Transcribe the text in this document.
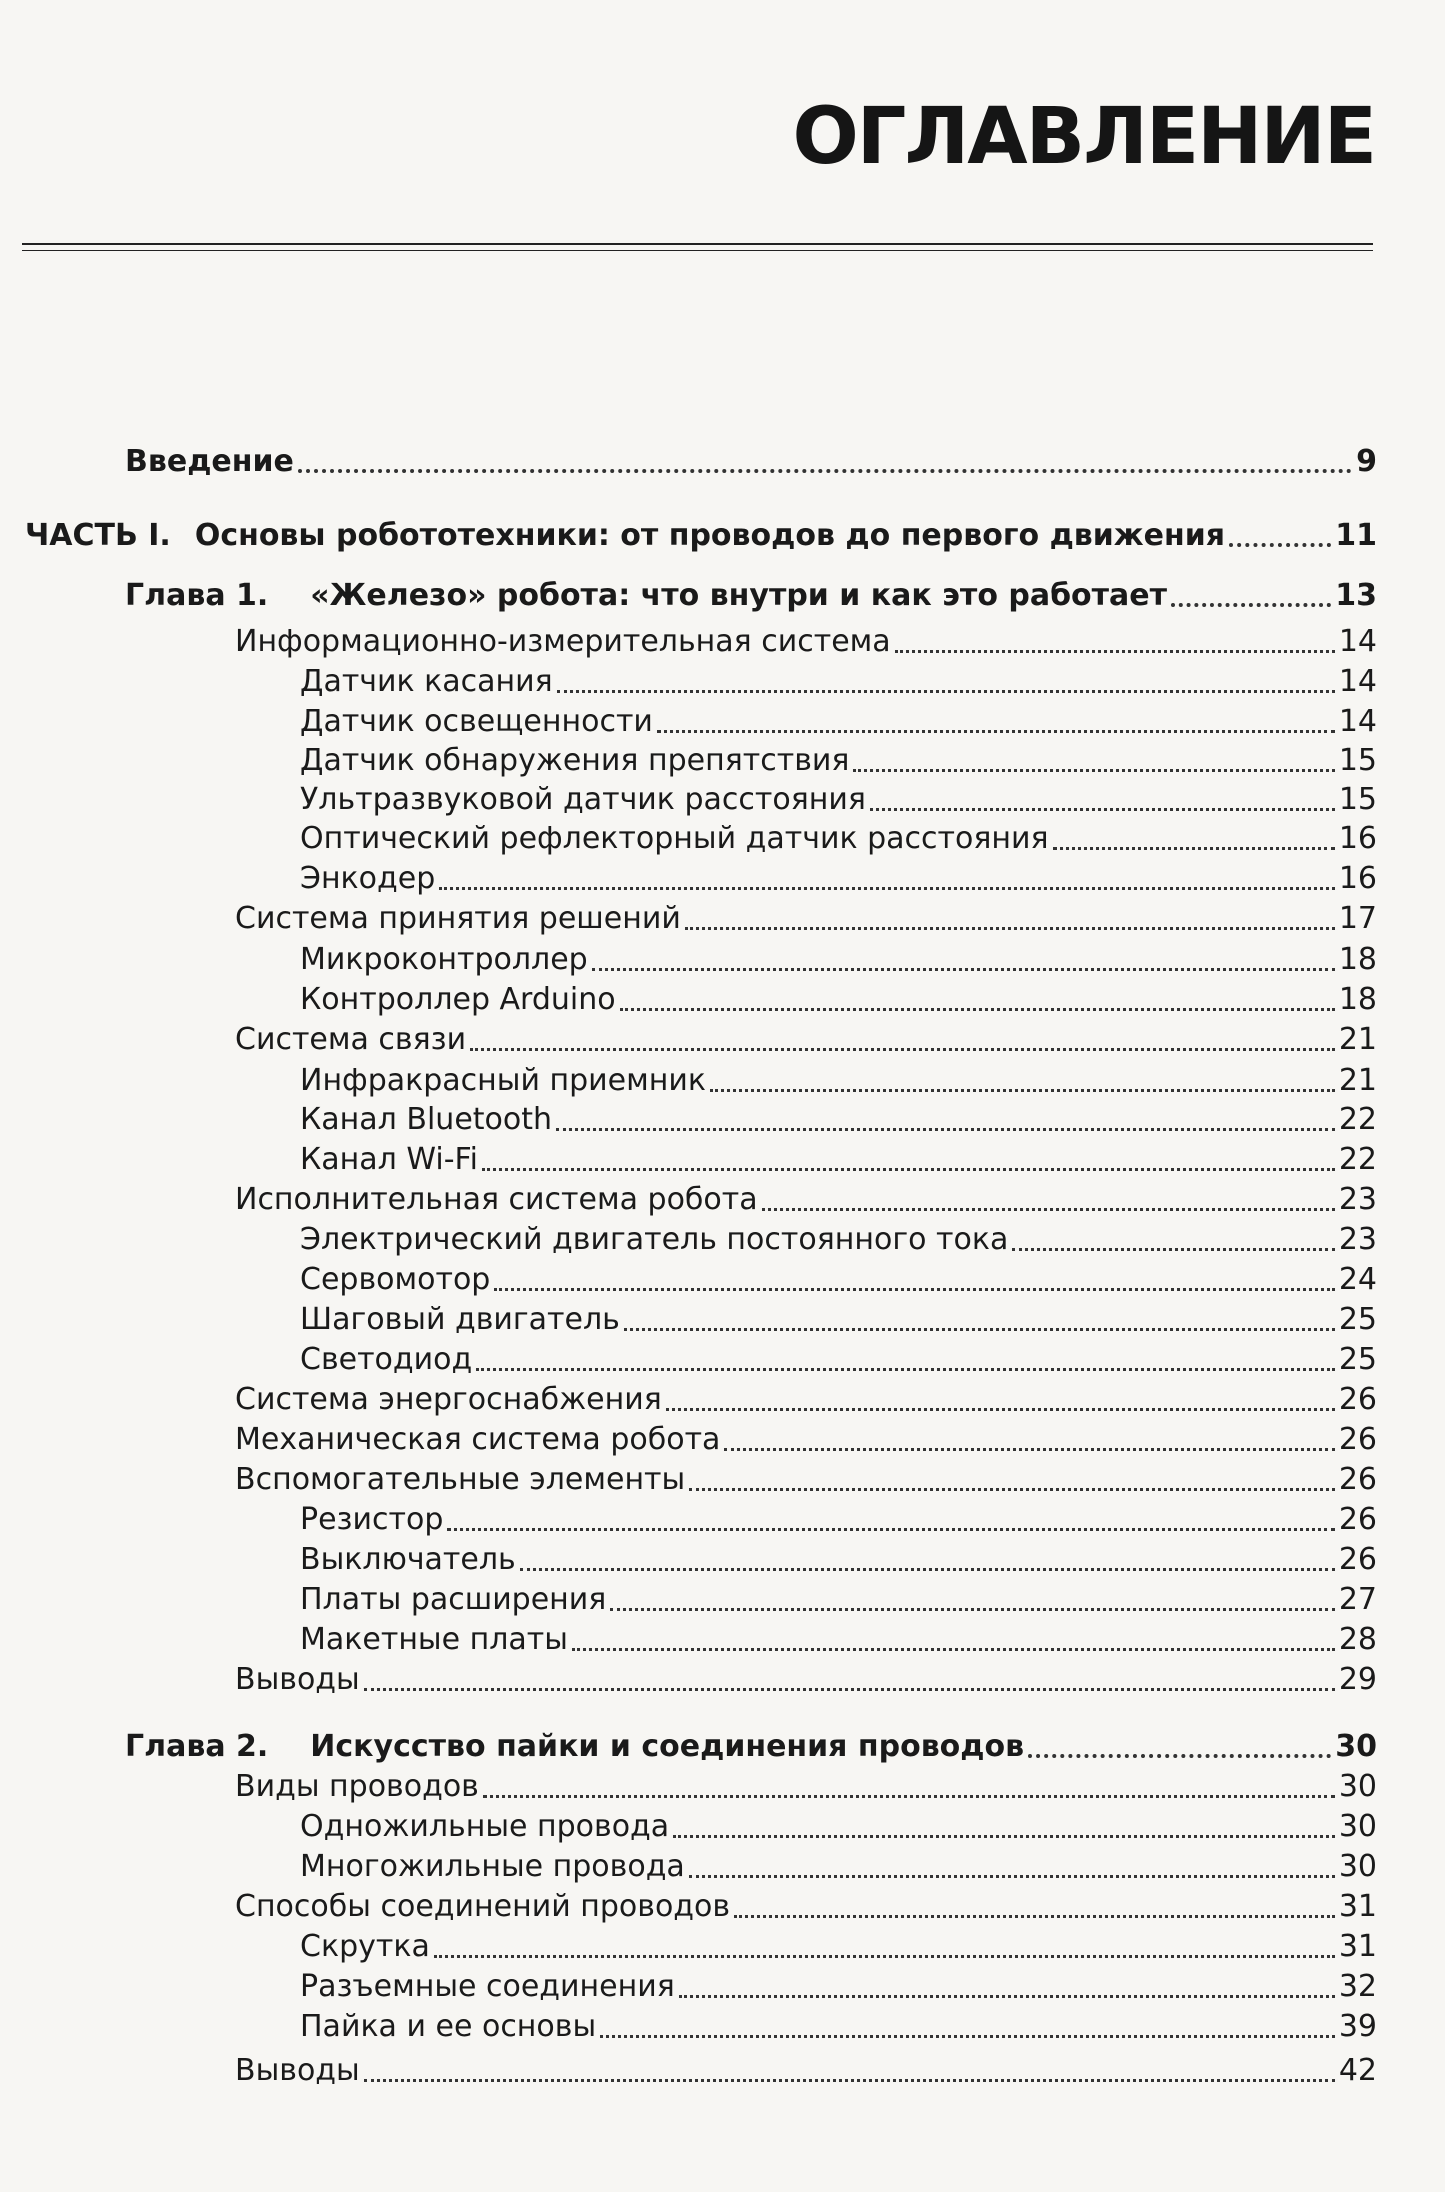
ОГЛАВЛЕНИЕ
Введение	9
ЧАСТЬ I. Основы робототехники: от проводов до первого движения	11
Глава 1. «Железо» робота: что внутри и как это работает	13
Информационно-измерительная система	14
Датчик касания	14
Датчик освещенности	14
Датчик обнаружения препятствия	15
Ультразвуковой датчик расстояния	15
Оптический рефлекторный датчик расстояния	16
Энкодер	16
Система принятия решений	17
Микроконтроллер	18
Контроллер Arduino	18
Система связи	21
Инфракрасный приемник	21
Канал Bluetooth	22
Канал Wi-Fi	22
Исполнительная система робота	23
Электрический двигатель постоянного тока	23
Сервомотор	24
Шаговый двигатель	25
Светодиод	25
Система энергоснабжения	26
Механическая система робота	26
Вспомогательные элементы	26
Резистор	26
Выключатель	26
Платы расширения	27
Макетные платы	28
Выводы	29
Глава 2. Искусство пайки и соединения проводов	30
Виды проводов	30
Одножильные провода	30
Многожильные провода	30
Способы соединений проводов	31
Скрутка	31
Разъемные соединения	32
Пайка и ее основы	39
Выводы	42
